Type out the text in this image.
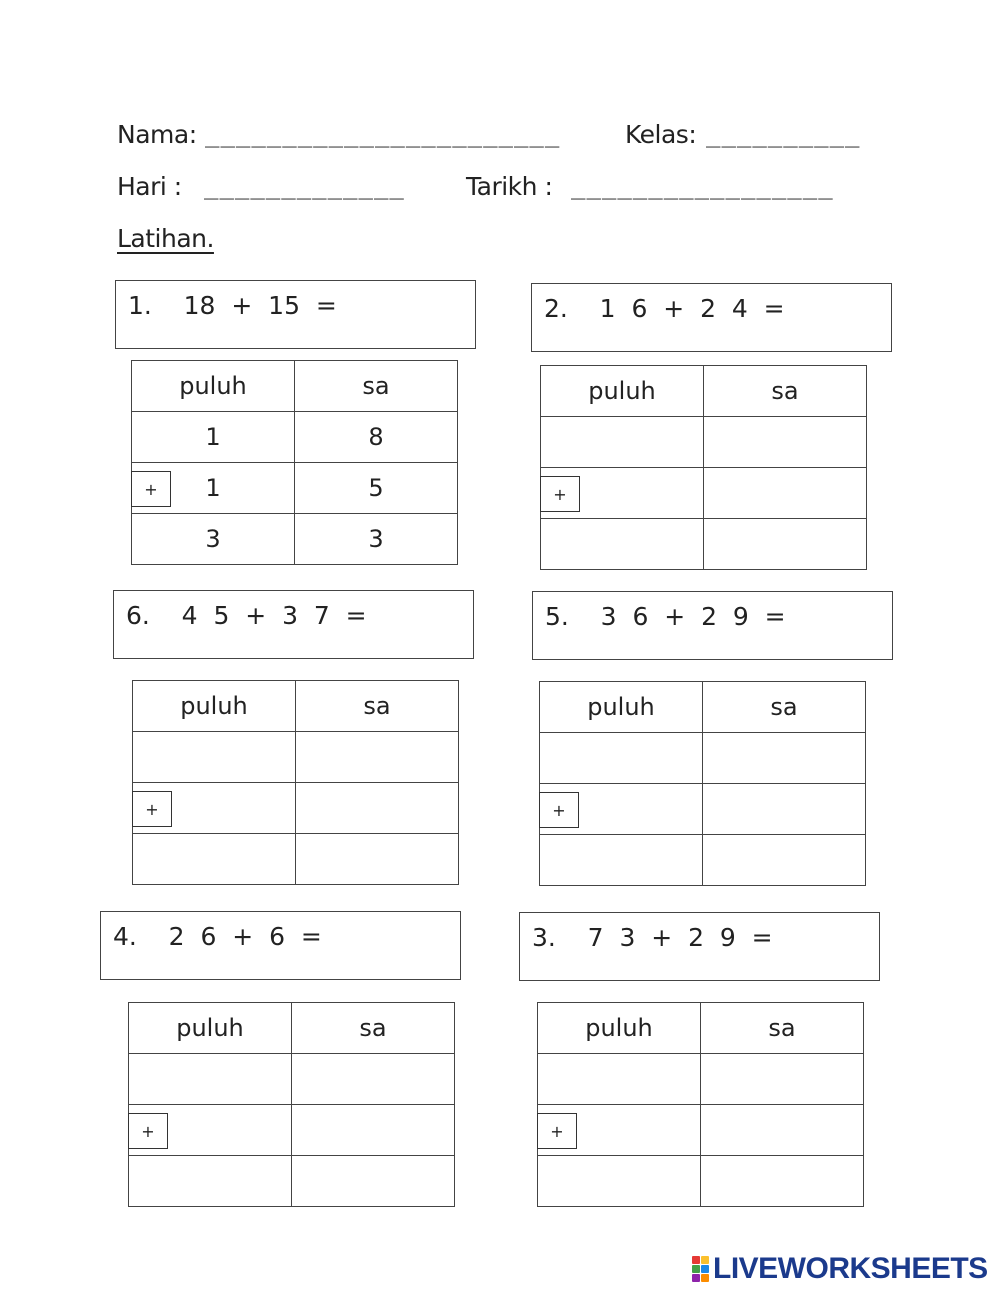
Nama: _______________________	Kelas: __________
Hari : _____________ Tarikh : _________________
Latihan.
1.    18  +  15  =
puluh	sa
1	8

+ 1	5
3	3
2.    1  6  +  2  4  =
puluh	sa

+	

6.    4  5  +  3  7  =
puluh	sa

+	

5.    3  6  +  2  9  =
puluh	sa

+	

4.    2  6  +  6  =
puluh	sa

+	

3.    7  3  +  2  9  =
puluh	sa

+	

LIVEWORKSHEETS
